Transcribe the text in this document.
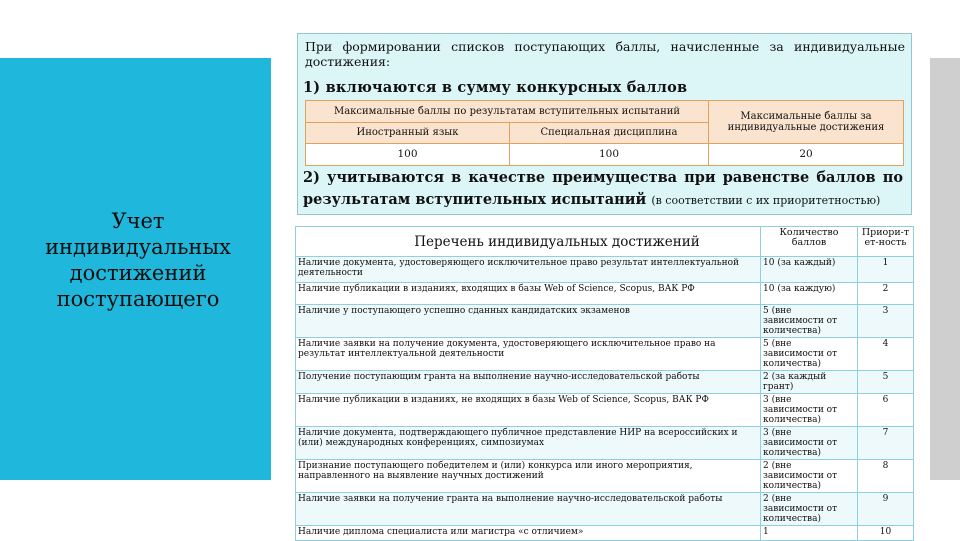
Учет
индивидуальных
достижений
поступающего
При формировании списков поступающих баллы, начисленные за индивидуальные достижения:
1) включаются в сумму конкурсных баллов
Максимальные баллы по результатам вступительных испытаний		Максимальные баллы за индивидуальные достижения
Иностранный язык	Специальная дисциплина	
100	100	20
2) учитываются в качестве преимущества при равенстве баллов по результатам вступительных испытаний (в соответствии с их приоритетностью)
Перечень индивидуальных достижений	Количество баллов	Приори-т ет-ность
Наличие документа, удостоверяющего исключительное право результат интеллектуальной деятельности	10 (за каждый)	1
Наличие публикации в изданиях, входящих в базы Web of Science, Scopus, ВАК РФ	10 (за каждую)	2
Наличие у поступающего успешно сданных кандидатских экзаменов	5 (вне зависимости от количества)	3
Наличие заявки на получение документа, удостоверяющего исключительное право на результат интеллектуальной деятельности	5 (вне зависимости от количества)	4
Получение поступающим гранта на выполнение научно-исследовательской работы	2 (за каждый грант)	5
Наличие публикации в изданиях, не входящих в базы Web of Science, Scopus, ВАК РФ	3 (вне зависимости от количества)	6
Наличие документа, подтверждающего публичное представление НИР на всероссийских и (или) международных конференциях, симпозиумах	3 (вне зависимости от количества)	7
Признание поступающего победителем и (или) конкурса или иного мероприятия, направленного на выявление научных достижений	2 (вне зависимости от количества)	8
Наличие заявки на получение гранта на выполнение научно-исследовательской работы	2 (вне зависимости от количества)	9
Наличие диплома специалиста или магистра «с отличием»	1	10
